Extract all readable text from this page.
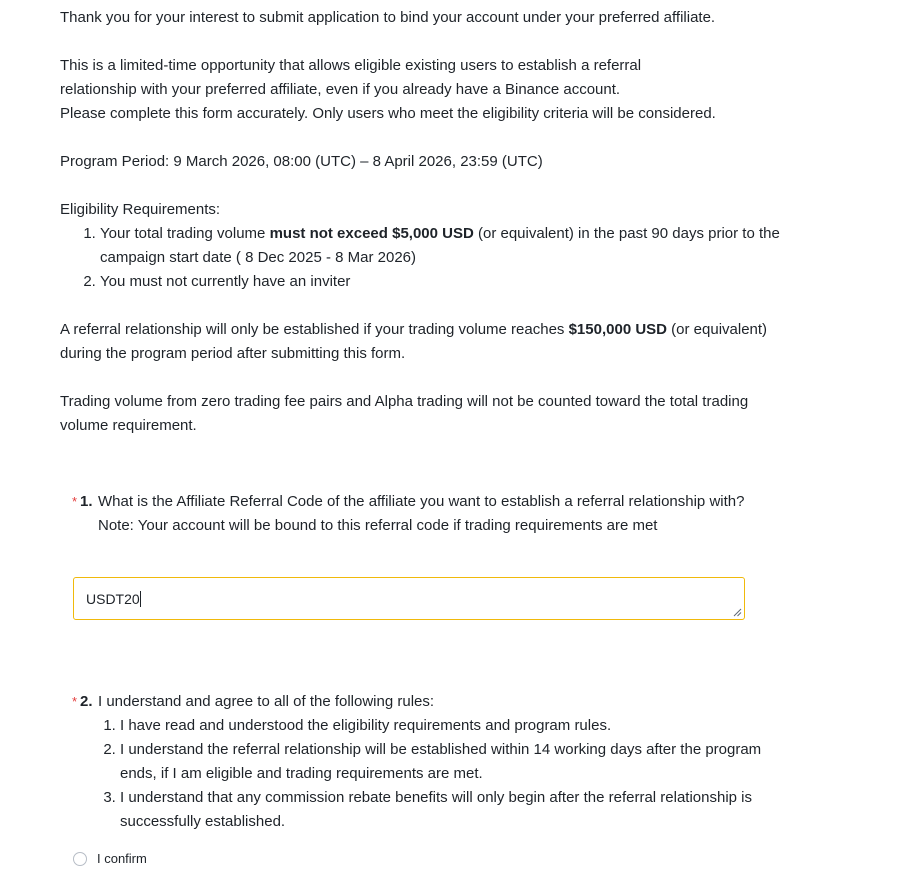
Thank you for your interest to submit application to bind your account under your preferred affiliate.

This is a limited-time opportunity that allows eligible existing users to establish a referral
relationship with your preferred affiliate, even if you already have a Binance account.
Please complete this form accurately. Only users who meet the eligibility criteria will be considered.

Program Period: 9 March 2026, 08:00 (UTC) – 8 April 2026, 23:59 (UTC)

Eligibility Requirements:

1. Your total trading volume must not exceed $5,000 USD (or equivalent) in the past 90 days prior to the campaign start date ( 8 Dec 2025 - 8 Mar 2026)
2. You must not currently have an inviter

A referral relationship will only be established if your trading volume reaches $150,000 USD (or equivalent) during the program period after submitting this form.

Trading volume from zero trading fee pairs and Alpha trading will not be counted toward the total trading volume requirement.

* 1. What is the Affiliate Referral Code of the affiliate you want to establish a referral relationship with?

Note: Your account will be bound to this referral code if trading requirements are met

USDT20
* 2. I understand and agree to all of the following rules:

1. I have read and understood the eligibility requirements and program rules.
2. I understand the referral relationship will be established within 14 working days after the program ends, if I am eligible and trading requirements are met.
3. I understand that any commission rebate benefits will only begin after the referral relationship is successfully established.
I confirm
